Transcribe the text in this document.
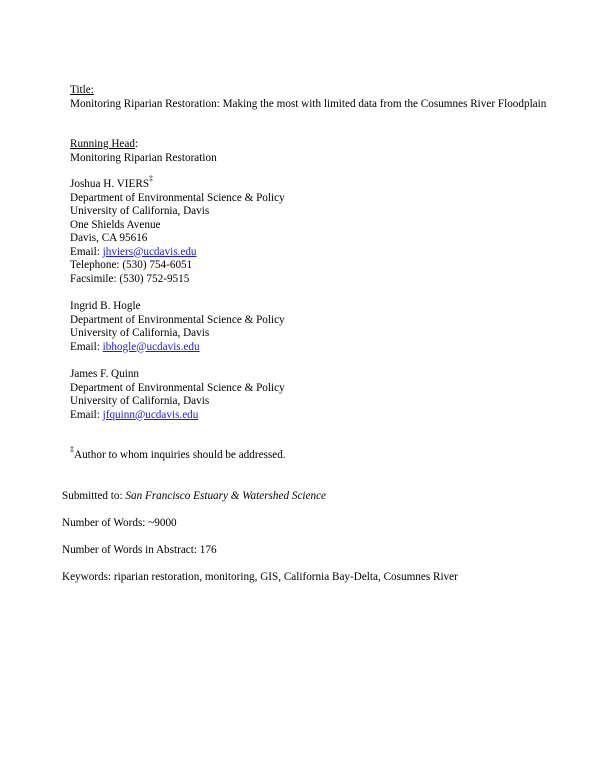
Title:
Monitoring Riparian Restoration: Making the most with limited data from the Cosumnes River Floodplain
Running Head:
Monitoring Riparian Restoration
Joshua H. VIERS‡
Department of Environmental Science & Policy
University of California, Davis
One Shields Avenue
Davis, CA 95616
Email: jhviers@ucdavis.edu
Telephone: (530) 754-6051
Facsimile: (530) 752-9515
Ingrid B. Hogle
Department of Environmental Science & Policy
University of California, Davis
Email: ibhogle@ucdavis.edu
James F. Quinn
Department of Environmental Science & Policy
University of California, Davis
Email: jfquinn@ucdavis.edu
‡Author to whom inquiries should be addressed.
Submitted to: San Francisco Estuary & Watershed Science
Number of Words: ~9000
Number of Words in Abstract: 176
Keywords: riparian restoration, monitoring, GIS, California Bay-Delta, Cosumnes River
